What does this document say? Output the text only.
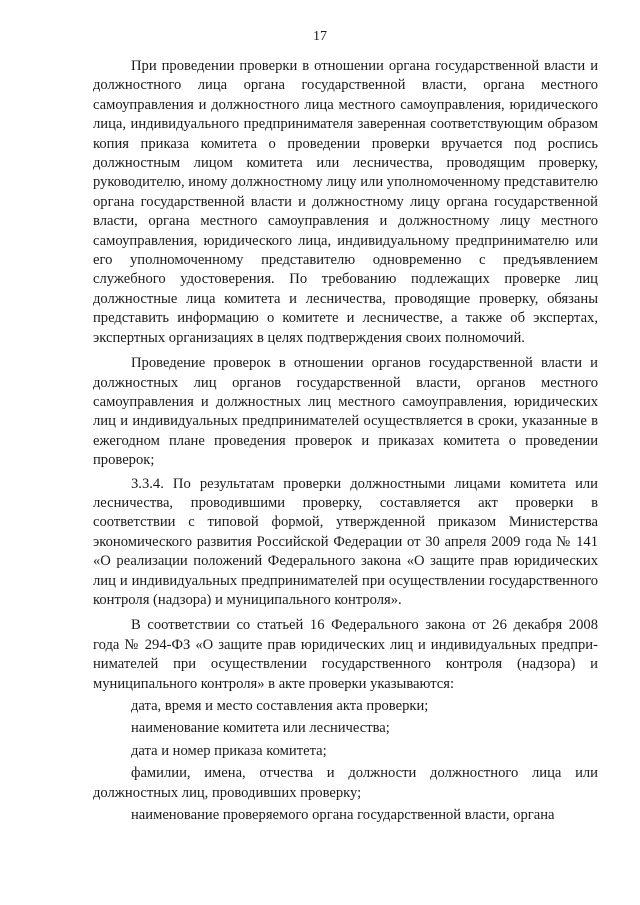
17

При проведении проверки в отношении органа государственной власти и должностного лица органа государственной власти, органа местного самоуправления и должностного лица местного самоуправления, юридического лица, индивидуального предпринимателя заверенная соответствующим образом копия приказа комитета о проведении проверки вручается под роспись должностным лицом комитета или лесничества, проводящим проверку, руководителю, иному должностному лицу или уполномоченному представителю органа государственной власти и должностному лицу органа государственной власти, органа местного самоуправления и должностному лицу местного самоуправления, юридического лица, индивидуальному предпринимателю или его уполномоченному представителю одновременно с предъявлением служебного удостоверения. По требованию подлежащих проверке лиц должностные лица комитета и лесничества, проводящие проверку, обязаны представить информацию о комитете и лесничестве, а также об экспертах, экспертных организациях в целях подтверждения своих полномочий.

Проведение проверок в отношении органов государственной власти и должностных лиц органов государственной власти, органов местного самоуправления и должностных лиц местного самоуправления, юридических лиц и индивидуальных предпринимателей осуществляется в сроки, указанные в ежегодном плане проведения проверок и приказах комитета о проведении проверок;

3.3.4. По результатам проверки должностными лицами комитета или лесничества, проводившими проверку, составляется акт проверки в соответствии с типовой формой, утвержденной приказом Министерства экономического развития Российской Федерации от 30 апреля 2009 года № 141 «О реализации положений Федерального закона «О защите прав юридических лиц и индивидуальных предпринимателей при осуществлении государственного контроля (надзора) и муниципального контроля».

В соответствии со статьей 16 Федерального закона от 26 декабря 2008 года № 294-ФЗ «О защите прав юридических лиц и индивидуальных предпринимателей при осуществлении государственного контроля (надзора) и муниципального контроля» в акте проверки указываются:

дата, время и место составления акта проверки;

наименование комитета или лесничества;

дата и номер приказа комитета;

фамилии, имена, отчества и должности должностного лица или должностных лиц, проводивших проверку;

наименование проверяемого органа государственной власти, органа
